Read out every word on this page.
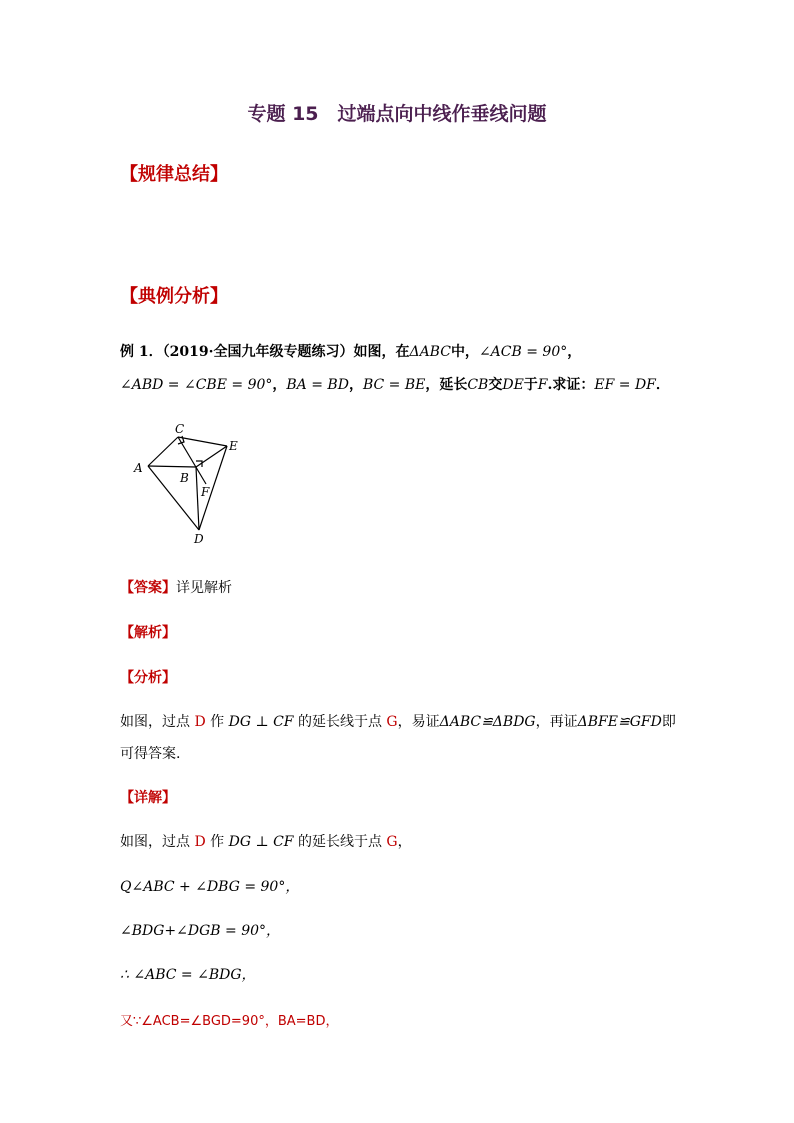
专题 15　过端点向中线作垂线问题
【规律总结】
【典例分析】
例 1．（2019·全国九年级专题练习）如图，在ΔABC中，∠ACB = 90°，
∠ABD = ∠CBE = 90°，BA = BD，BC = BE，延长CB交DE于F.求证：EF = DF．
A
C
E
B
F
D
【答案】详见解析
【解析】
【分析】
如图，过点 D 作 DG ⊥ CF 的延长线于点 G，易证ΔABC≌ΔBDG，再证ΔBFE≌GFD即
可得答案.
【详解】
如图，过点 D 作 DG ⊥ CF 的延长线于点 G，
Q∠ABC + ∠DBG = 90°，
∠BDG+∠DGB = 90°，
∴ ∠ABC = ∠BDG，
又∵∠ACB=∠BGD=90°，BA=BD，
